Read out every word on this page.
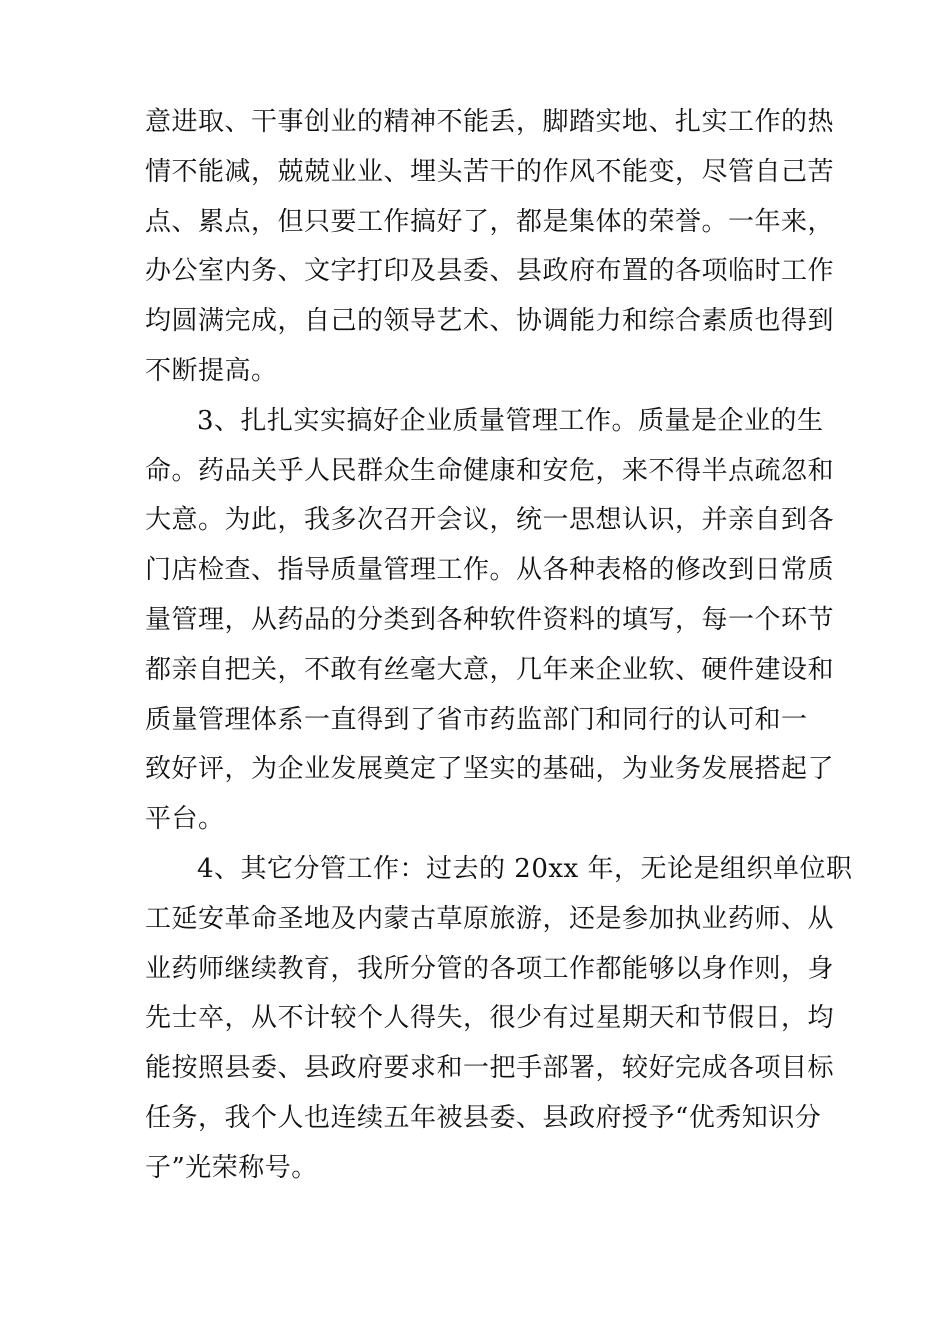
意进取、干事创业的精神不能丢，脚踏实地、扎实工作的热
情不能减，兢兢业业、埋头苦干的作风不能变，尽管自己苦
点、累点，但只要工作搞好了，都是集体的荣誉。一年来，
办公室内务、文字打印及县委、县政府布置的各项临时工作
均圆满完成，自己的领导艺术、协调能力和综合素质也得到
不断提高。
3、扎扎实实搞好企业质量管理工作。质量是企业的生
命。药品关乎人民群众生命健康和安危，来不得半点疏忽和
大意。为此，我多次召开会议，统一思想认识，并亲自到各
门店检查、指导质量管理工作。从各种表格的修改到日常质
量管理，从药品的分类到各种软件资料的填写，每一个环节
都亲自把关，不敢有丝毫大意，几年来企业软、硬件建设和
质量管理体系一直得到了省市药监部门和同行的认可和一
致好评，为企业发展奠定了坚实的基础，为业务发展搭起了
平台。
4、其它分管工作：过去的 20xx 年，无论是组织单位职
工延安革命圣地及内蒙古草原旅游，还是参加执业药师、从
业药师继续教育，我所分管的各项工作都能够以身作则，身
先士卒，从不计较个人得失，很少有过星期天和节假日，均
能按照县委、县政府要求和一把手部署，较好完成各项目标
任务，我个人也连续五年被县委、县政府授予“优秀知识分
子”光荣称号。
